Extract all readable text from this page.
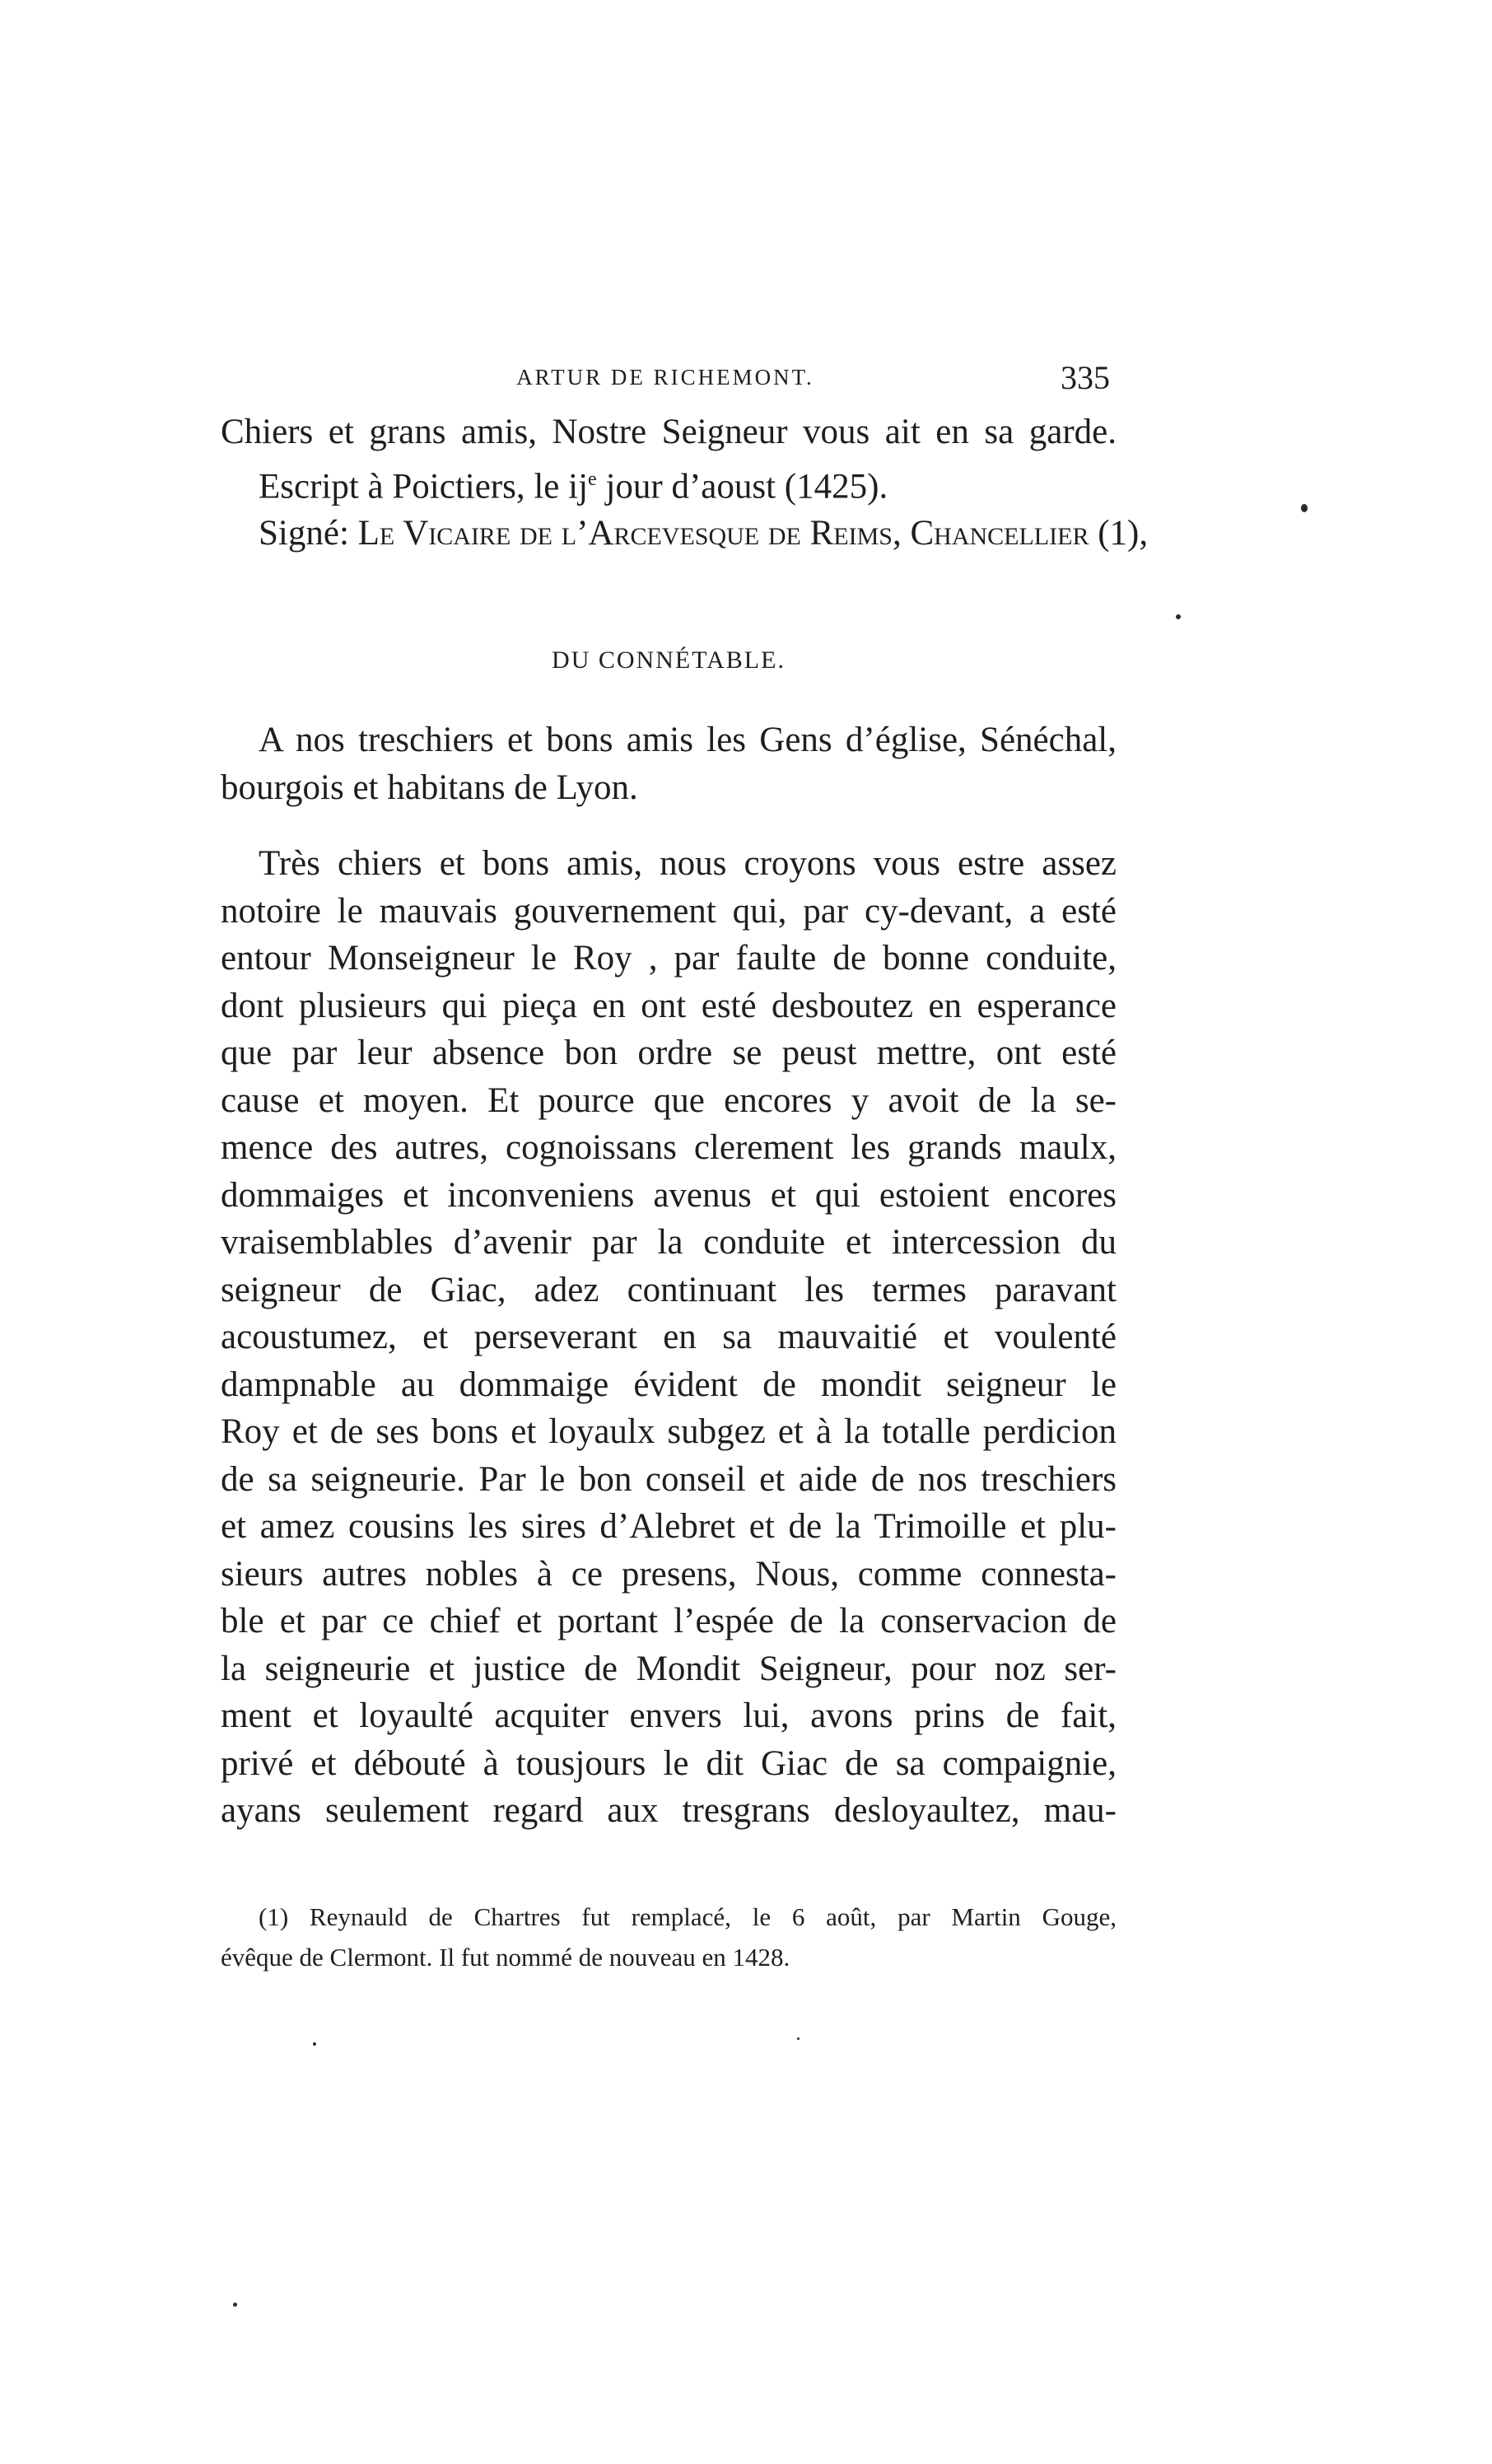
ARTUR DE RICHEMONT.	335
Chiers et grans amis, Nostre Seigneur vous ait en sa garde.
Escript à Poictiers, le $ij^e$ jour d’aoust (1425).
Signé: Le Vicaire de l’Arcevesque de Reims, Chancellier (1),
DU CONNÉTABLE.
A nos treschiers et bons amis les Gens d’église, Sénéchal,
bourgois et habitans de Lyon.
Très chiers et bons amis, nous croyons vous estre assez
notoire le mauvais gouvernement qui, par cy-devant, a esté
entour Monseigneur le Roy , par faulte de bonne conduite,
dont plusieurs qui pieça en ont esté desboutez en esperance
que par leur absence bon ordre se peust mettre, ont esté
cause et moyen. Et pource que encores y avoit de la se-
mence des autres, cognoissans clerement les grands maulx,
dommaiges et inconveniens avenus et qui estoient encores
vraisemblables d’avenir par la conduite et intercession du
seigneur de Giac, adez continuant les termes paravant
acoustumez, et perseverant en sa mauvaitié et voulenté
dampnable au dommaige évident de mondit seigneur le
Roy et de ses bons et loyaulx subgez et à la totalle perdicion
de sa seigneurie. Par le bon conseil et aide de nos treschiers
et amez cousins les sires d’Alebret et de la Trimoille et plu-
sieurs autres nobles à ce presens, Nous, comme connesta-
ble et par ce chief et portant l’espée de la conservacion de
la seigneurie et justice de Mondit Seigneur, pour noz ser-
ment et loyaulté acquiter envers lui, avons prins de fait,
privé et débouté à tousjours le dit Giac de sa compaignie,
ayans seulement regard aux tresgrans desloyaultez, mau-
(1) Reynauld de Chartres fut remplacé, le 6 août, par Martin Gouge,
évêque de Clermont. Il fut nommé de nouveau en 1428.
